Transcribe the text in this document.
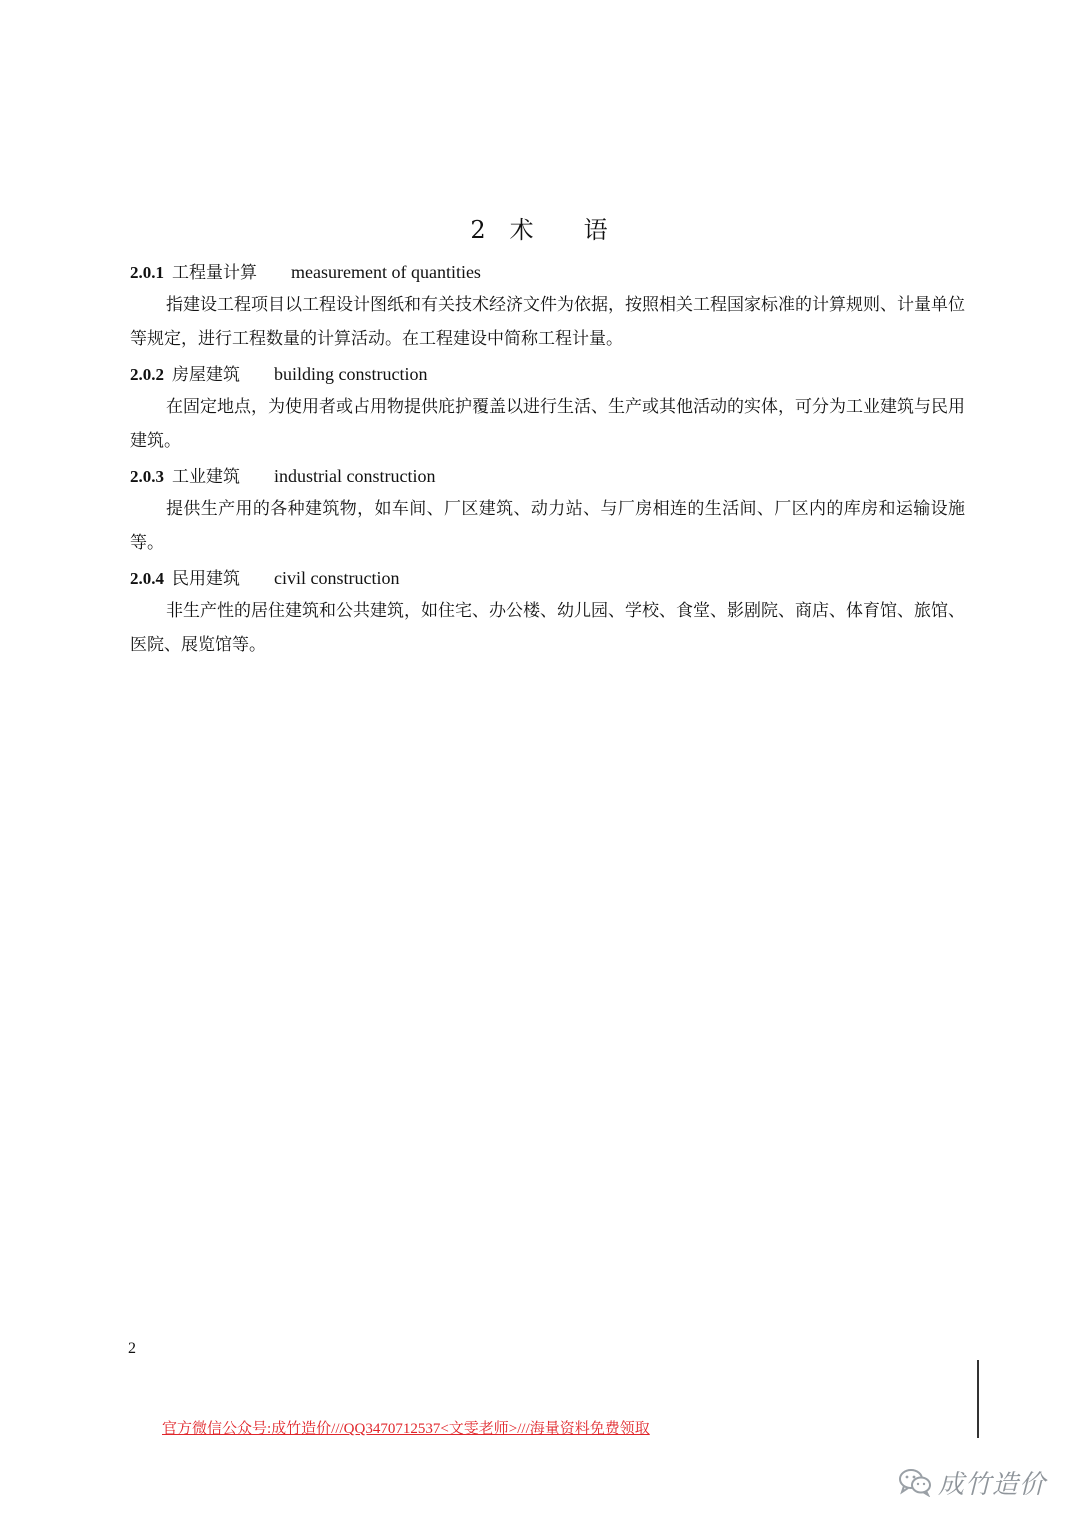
2 术 语
2.0.1 工程量计算 measurement of quantities

指建设工程项目以工程设计图纸和有关技术经济文件为依据，按照相关工程国家标准的计算规则、计量单位等规定，进行工程数量的计算活动。在工程建设中简称工程计量。

2.0.2 房屋建筑 building construction

在固定地点，为使用者或占用物提供庇护覆盖以进行生活、生产或其他活动的实体，可分为工业建筑与民用建筑。

2.0.3 工业建筑 industrial construction

提供生产用的各种建筑物，如车间、厂区建筑、动力站、与厂房相连的生活间、厂区内的库房和运输设施等。

2.0.4 民用建筑 civil construction

非生产性的居住建筑和公共建筑，如住宅、办公楼、幼儿园、学校、食堂、影剧院、商店、体育馆、旅馆、医院、展览馆等。

2
官方微信公众号:成竹造价///QQ3470712537<文雯老师>///海量资料免费领取
成竹造价
